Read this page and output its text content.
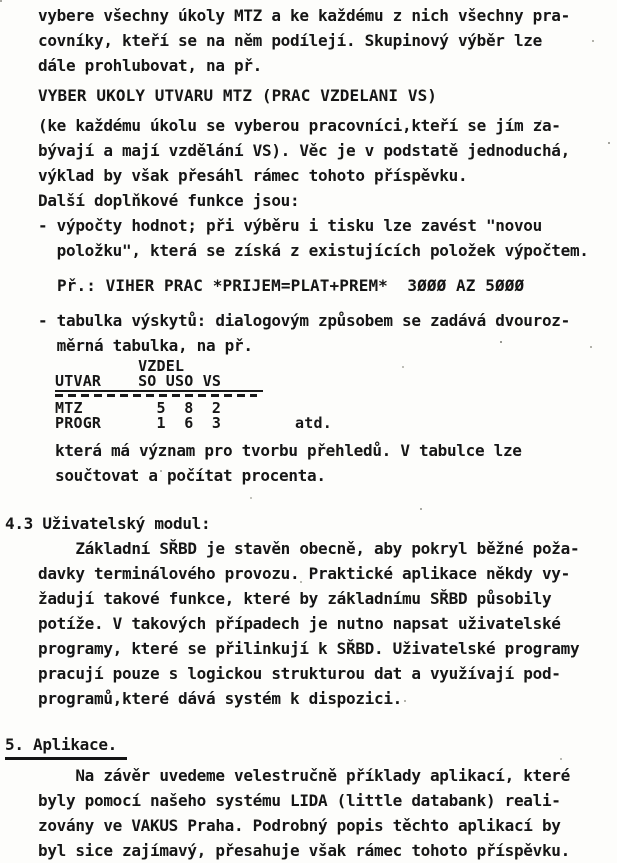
vybere všechny úkoly MTZ a ke každému z nich všechny pra-
covníky, kteří se na něm podílejí. Skupinový výběr lze
dále prohlubovat, na př.
VYBER UKOLY UTVARU MTZ (PRAC VZDELANI VS)
(ke každému úkolu se vyberou pracovníci,kteří se jím za-
bývají a mají vzdělání VS). Věc je v podstatě jednoduchá,
výklad by však přesáhl rámec tohoto příspěvku.
Další doplňkové funkce jsou:
- výpočty hodnot; při výběru i tisku lze zavést "novou
položku", která se získá z existujících položek výpočtem.
Př.: VIHER PRAC *PRIJEM=PLAT+PREM*  3ØØØ AZ 5ØØØ
- tabulka výskytů: dialogovým způsobem se zadává dvouroz-
měrná tabulka, na př.
VZDEL
UTVAR    SO USO VS
MTZ        5  8  2
PROGR      1  6  3        atd.
která má význam pro tvorbu přehledů. V tabulce lze
součtovat a počítat procenta.
4.3 Uživatelský modul:
Základní SŘBD je stavěn obecně, aby pokryl běžné poža-
davky terminálového provozu. Praktické aplikace někdy vy-
žadují takové funkce, které by základnímu SŘBD působily
potíže. V takových případech je nutno napsat uživatelské
programy, které se přilinkují k SŘBD. Uživatelské programy
pracují pouze s logickou strukturou dat a využívají pod-
programů,které dává systém k dispozici.
5. Aplikace.
Na závěr uvedeme velestručně příklady aplikací, které
byly pomocí našeho systému LIDA (little databank) reali-
zovány ve VAKUS Praha. Podrobný popis těchto aplikací by
byl sice zajímavý, přesahuje však rámec tohoto příspěvku.
